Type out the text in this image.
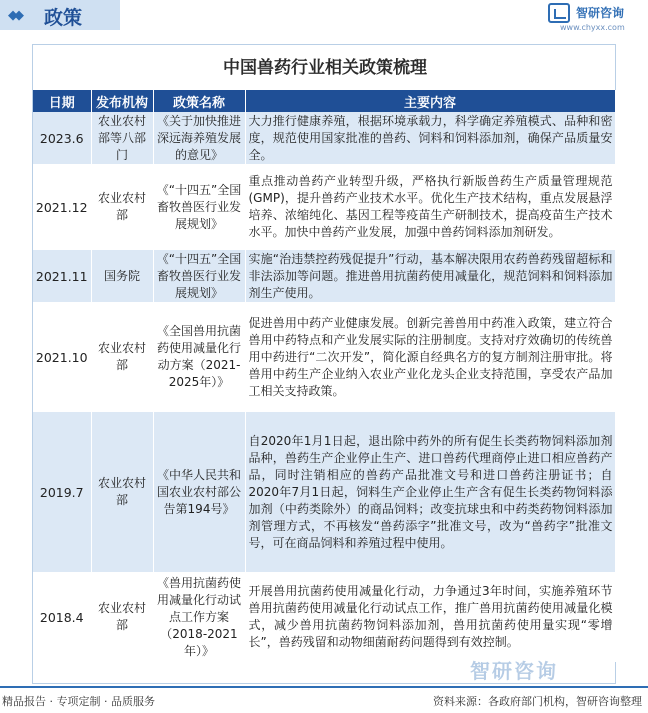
◆◆ 政策	智研咨询
www.chyxx.com
中国兽药行业相关政策梳理
日期	发布机构	政策名称	主要内容
2023.6	农业农村部等八部门	《关于加快推进深远海养殖发展的意见》	大力推行健康养殖，根据环境承载力，科学确定养殖模式、品种和密度，规范使用国家批准的兽药、饲料和饲料添加剂，确保产品质量安全。
2021.12	农业农村部	《“十四五”全国畜牧兽医行业发展规划》	重点推动兽药产业转型升级，严格执行新版兽药生产质量管理规范(GMP)，提升兽药产业技术水平。优化生产技术结构，重点发展悬浮培养、浓缩纯化、基因工程等疫苗生产研制技术，提高疫苗生产技术水平。加快中兽药产业发展，加强中兽药饲料添加剂研发。
2021.11	国务院	《“十四五”全国畜牧兽医行业发展规划》	实施“治违禁控药残促提升”行动，基本解决限用农药兽药残留超标和非法添加等问题。推进兽用抗菌药使用减量化，规范饲料和饲料添加剂生产使用。
2021.10	农业农村部	《全国兽用抗菌药使用减量化行动方案（2021-2025年）》	促进兽用中药产业健康发展。创新完善兽用中药准入政策，建立符合兽用中药特点和产业发展实际的注册制度。支持对疗效确切的传统兽用中药进行“二次开发”，简化源自经典名方的复方制剂注册审批。将兽用中药生产企业纳入农业产业化龙头企业支持范围，享受农产品加工相关支持政策。
2019.7	农业农村部	《中华人民共和国农业农村部公告第194号》	自2020年1月1日起，退出除中药外的所有促生长类药物饲料添加剂品种，兽药生产企业停止生产、进口兽药代理商停止进口相应兽药产品，同时注销相应的兽药产品批准文号和进口兽药注册证书；自2020年7月1日起，饲料生产企业停止生产含有促生长类药物饲料添加剂（中药类除外）的商品饲料；改变抗球虫和中药类药物饲料添加剂管理方式，不再核发“兽药添字”批准文号，改为“兽药字”批准文号，可在商品饲料和养殖过程中使用。
2018.4	农业农村部	《兽用抗菌药使用减量化行动试点工作方案（2018-2021年）》	开展兽用抗菌药使用减量化行动，力争通过3年时间，实施养殖环节兽用抗菌药使用减量化行动试点工作，推广兽用抗菌药使用减量化模式，减少兽用抗菌药物饲料添加剂，兽用抗菌药使用量实现“零增长”，兽药残留和动物细菌耐药问题得到有效控制。
智研咨询
精品报告 · 专项定制 · 品质服务	资料来源：各政府部门机构，智研咨询整理
